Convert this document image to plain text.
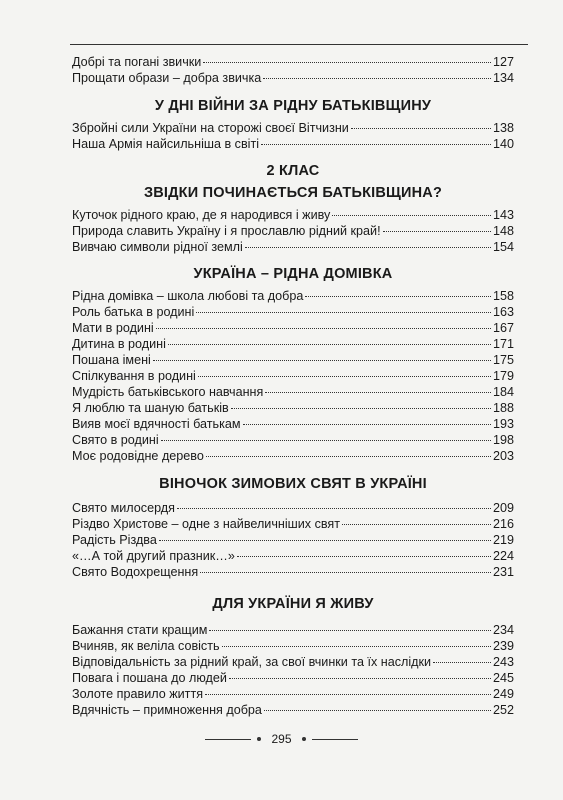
Добрі та погані звички	127
Прощати образи – добра звичка	134
У ДНІ ВІЙНИ ЗА РІДНУ БАТЬКІВЩИНУ
Збройні сили України на сторожі своєї Вітчизни	138
Наша Армія найсильніша в світі	140
2 КЛАС
ЗВІДКИ ПОЧИНАЄТЬСЯ БАТЬКІВЩИНА?
Куточок рідного краю, де я народився і живу	143
Природа славить Україну і я прославлю рідний край!	148
Вивчаю символи рідної землі	154
УКРАЇНА – РІДНА ДОМІВКА
Рідна домівка – школа любові та добра	158
Роль батька в родині	163
Мати в родині	167
Дитина в родині	171
Пошана імені	175
Спілкування в родині	179
Мудрість батьківського навчання	184
Я люблю та шаную батьків	188
Вияв моєї вдячності батькам	193
Свято в родині	198
Моє родовідне дерево	203
ВІНОЧОК ЗИМОВИХ СВЯТ В УКРАЇНІ
Свято милосердя	209
Різдво Христове – одне з найвеличніших свят	216
Радість Різдва	219
«…А той другий празник…»	224
Свято Водохрещення	231
ДЛЯ УКРАЇНИ Я ЖИВУ
Бажання стати кращим	234
Вчиняв, як веліла совість	239
Відповідальність за рідний край, за свої вчинки та їх наслідки	243
Повага і пошана до людей	245
Золоте правило життя	249
Вдячність – примноження добра	252
295
